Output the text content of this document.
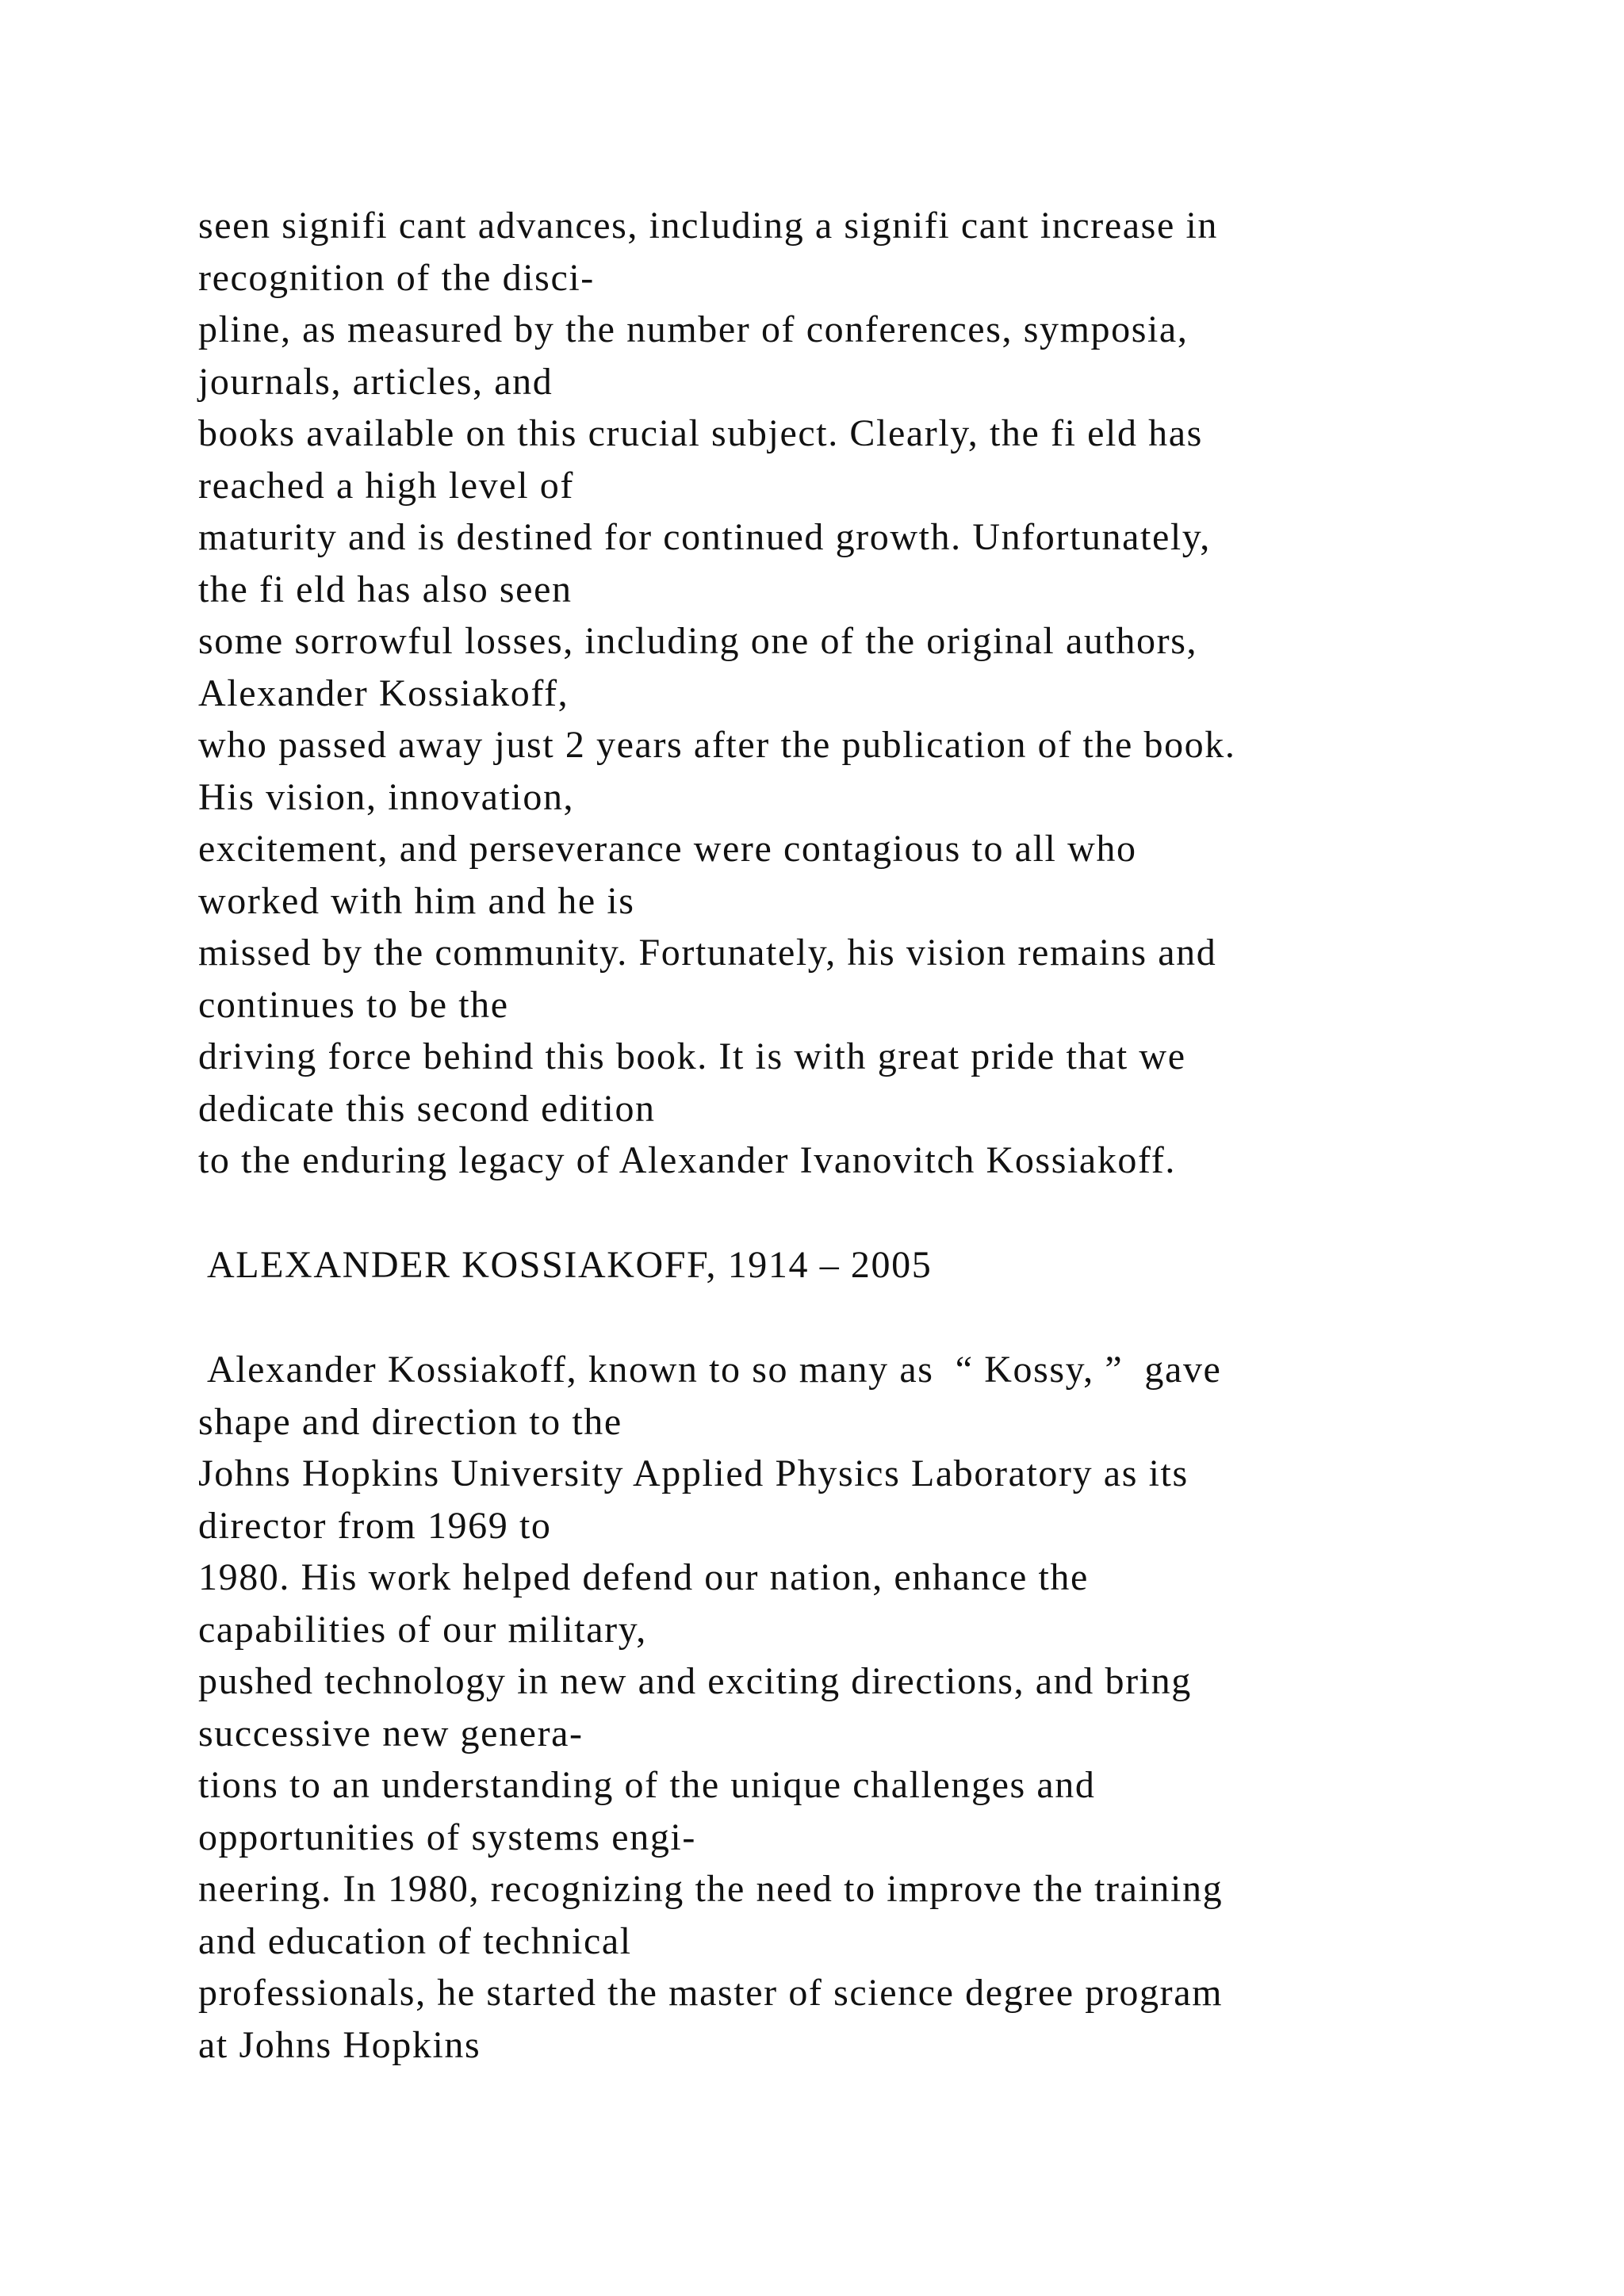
seen signifi cant advances, including a signifi cant increase in
recognition of the disci-
pline, as measured by the number of conferences, symposia,
journals, articles, and
books available on this crucial subject. Clearly, the fi eld has
reached a high level of
maturity and is destined for continued growth. Unfortunately,
the fi eld has also seen
some sorrowful losses, including one of the original authors,
Alexander Kossiakoff,
who passed away just 2 years after the publication of the book.
His vision, innovation,
excitement, and perseverance were contagious to all who
worked with him and he is
missed by the community. Fortunately, his vision remains and
continues to be the
driving force behind this book. It is with great pride that we
dedicate this second edition
to the enduring legacy of Alexander Ivanovitch Kossiakoff.
ALEXANDER KOSSIAKOFF, 1914 – 2005
Alexander Kossiakoff, known to so many as  “ Kossy, ”  gave
shape and direction to the
Johns Hopkins University Applied Physics Laboratory as its
director from 1969 to
1980. His work helped defend our nation, enhance the
capabilities of our military,
pushed technology in new and exciting directions, and bring
successive new genera-
tions to an understanding of the unique challenges and
opportunities of systems engi-
neering. In 1980, recognizing the need to improve the training
and education of technical
professionals, he started the master of science degree program
at Johns Hopkins
